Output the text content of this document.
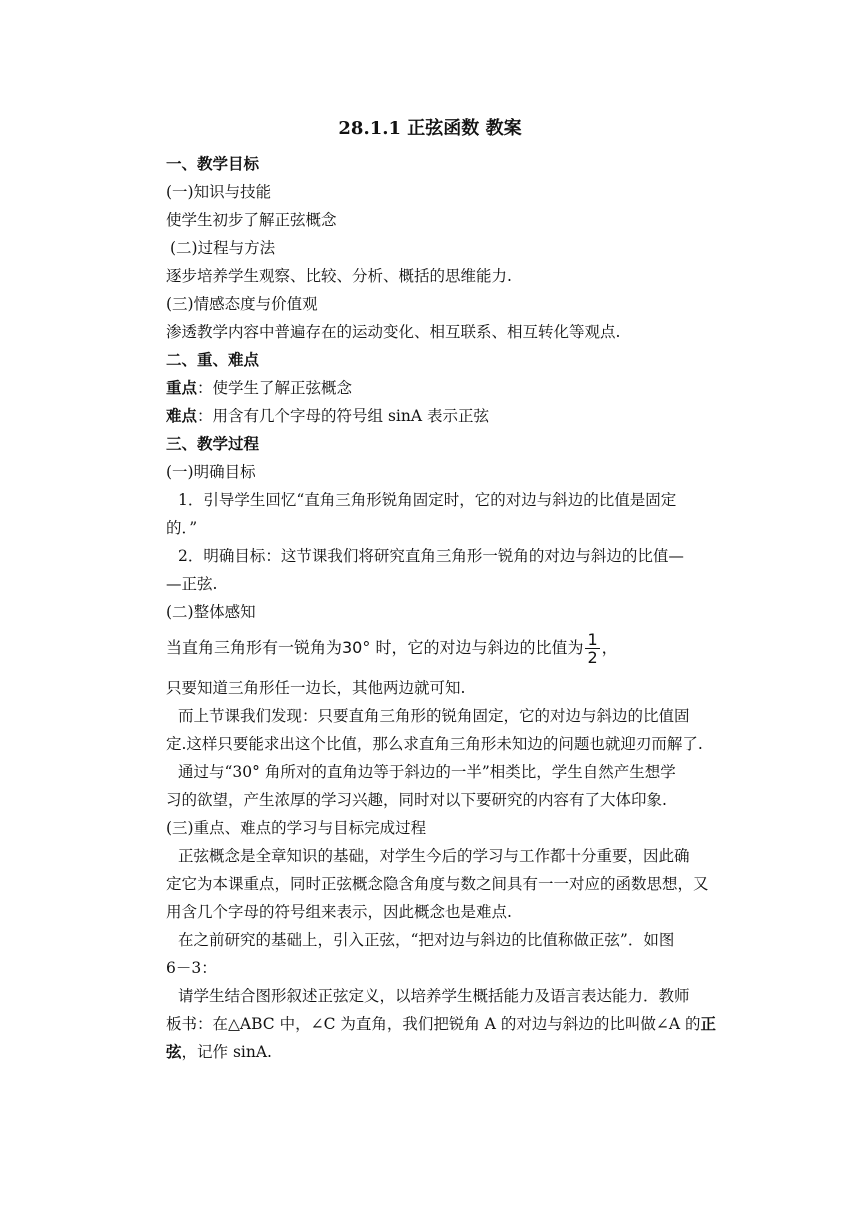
28.1.1 正弦函数 教案
一、教学目标
(一)知识与技能
使学生初步了解正弦概念
(二)过程与方法
逐步培养学生观察、比较、分析、概括的思维能力.
(三)情感态度与价值观
渗透教学内容中普遍存在的运动变化、相互联系、相互转化等观点.
二、重、难点
重点：使学生了解正弦概念
难点：用含有几个字母的符号组 sinA 表示正弦
三、教学过程
(一)明确目标
1．引导学生回忆“直角三角形锐角固定时，它的对边与斜边的比值是固定
的．”
2．明确目标：这节课我们将研究直角三角形一锐角的对边与斜边的比值—
—正弦.
(二)整体感知
当直角三角形有一锐角为30° 时，它的对边与斜边的比值为 $\frac{1}{2}$ ，
只要知道三角形任一边长，其他两边就可知.
而上节课我们发现：只要直角三角形的锐角固定，它的对边与斜边的比值固
定.这样只要能求出这个比值，那么求直角三角形未知边的问题也就迎刃而解了.
通过与“30° 角所对的直角边等于斜边的一半”相类比，学生自然产生想学
习的欲望，产生浓厚的学习兴趣，同时对以下要研究的内容有了大体印象.
(三)重点、难点的学习与目标完成过程
正弦概念是全章知识的基础，对学生今后的学习与工作都十分重要，因此确
定它为本课重点，同时正弦概念隐含角度与数之间具有一一对应的函数思想，又
用含几个字母的符号组来表示，因此概念也是难点.
在之前研究的基础上，引入正弦，“把对边与斜边的比值称做正弦”．如图
6－3：
请学生结合图形叙述正弦定义，以培养学生概括能力及语言表达能力．教师
板书：在△ABC 中，∠C 为直角，我们把锐角 A 的对边与斜边的比叫做∠A 的正
弦，记作 sinA.
